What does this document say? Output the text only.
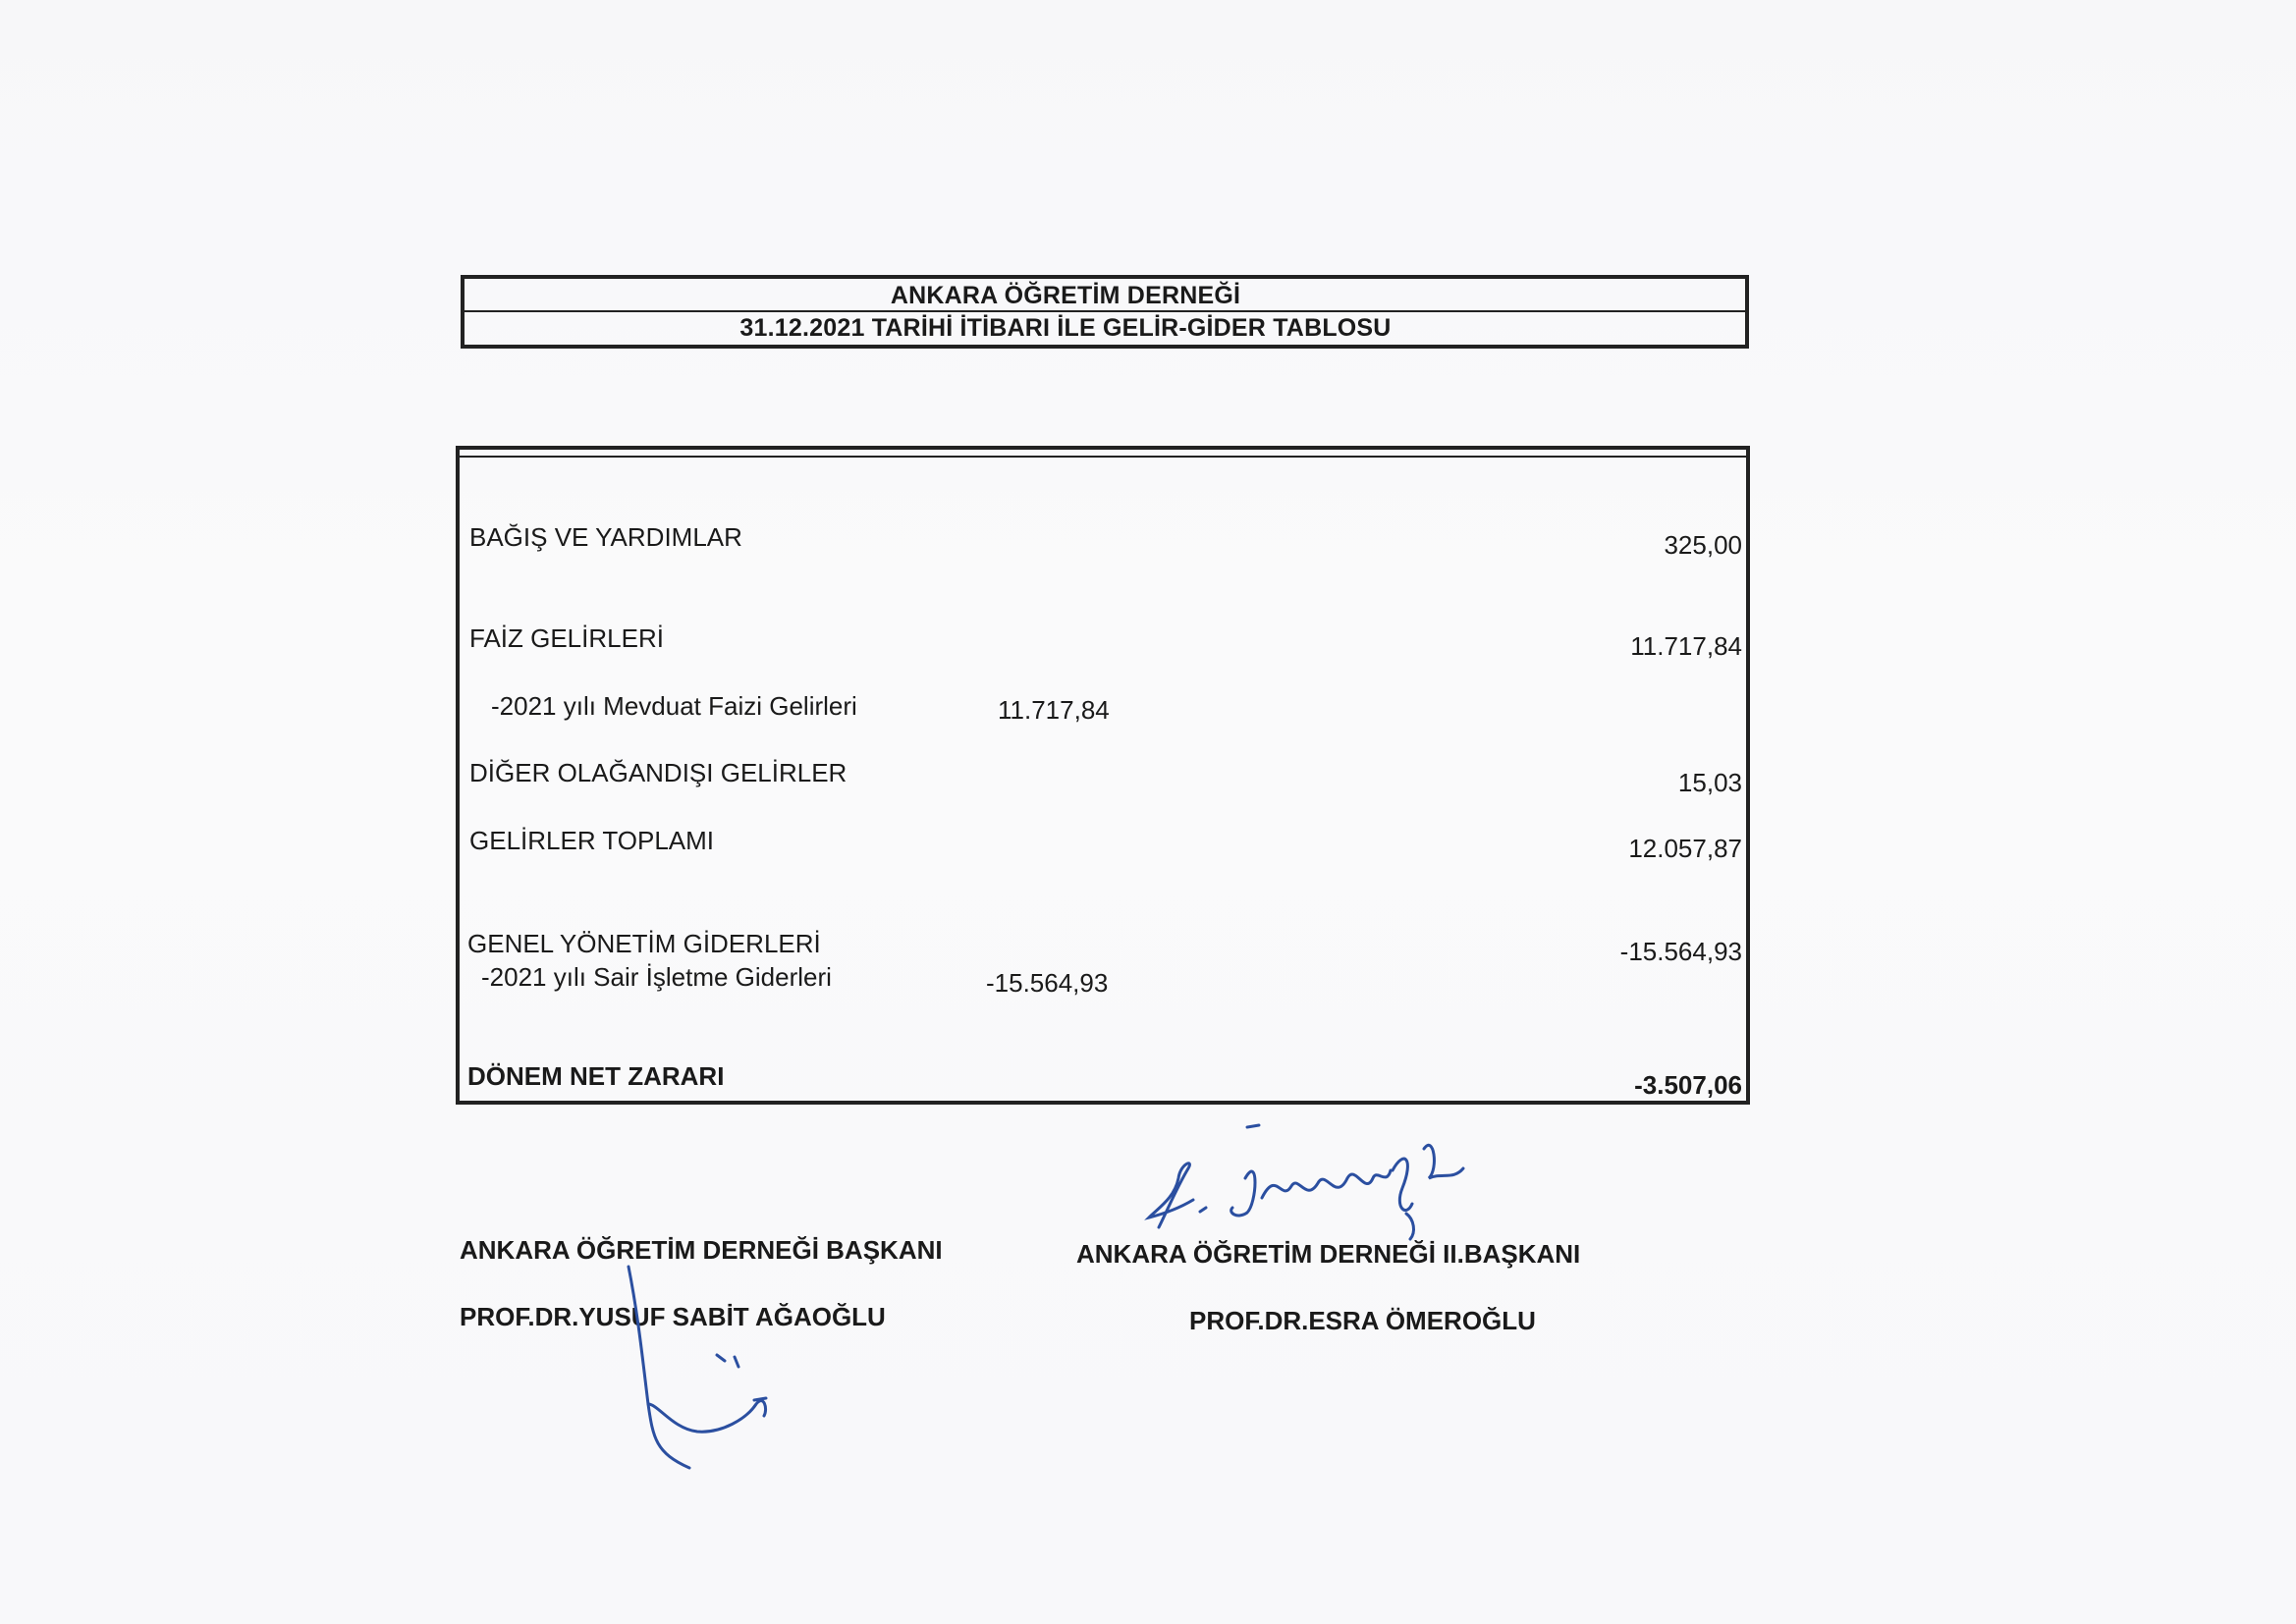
ANKARA ÖĞRETİM DERNEĞİ
31.12.2021 TARİHİ İTİBARI İLE GELİR-GİDER TABLOSU
BAĞIŞ VE YARDIMLAR	325,00
FAİZ GELİRLERİ	11.717,84
-2021 yılı Mevduat Faizi Gelirleri	11.717,84
DİĞER OLAĞANDIŞI GELİRLER	15,03
GELİRLER TOPLAMI	12.057,87
GENEL YÖNETİM GİDERLERİ	-15.564,93
-2021 yılı Sair İşletme Giderleri	-15.564,93
DÖNEM NET ZARARI	-3.507,06
ANKARA ÖĞRETİM DERNEĞİ BAŞKANI
PROF.DR.YUSUF SABİT AĞAOĞLU
ANKARA ÖĞRETİM DERNEĞİ II.BAŞKANI
PROF.DR.ESRA ÖMEROĞLU
